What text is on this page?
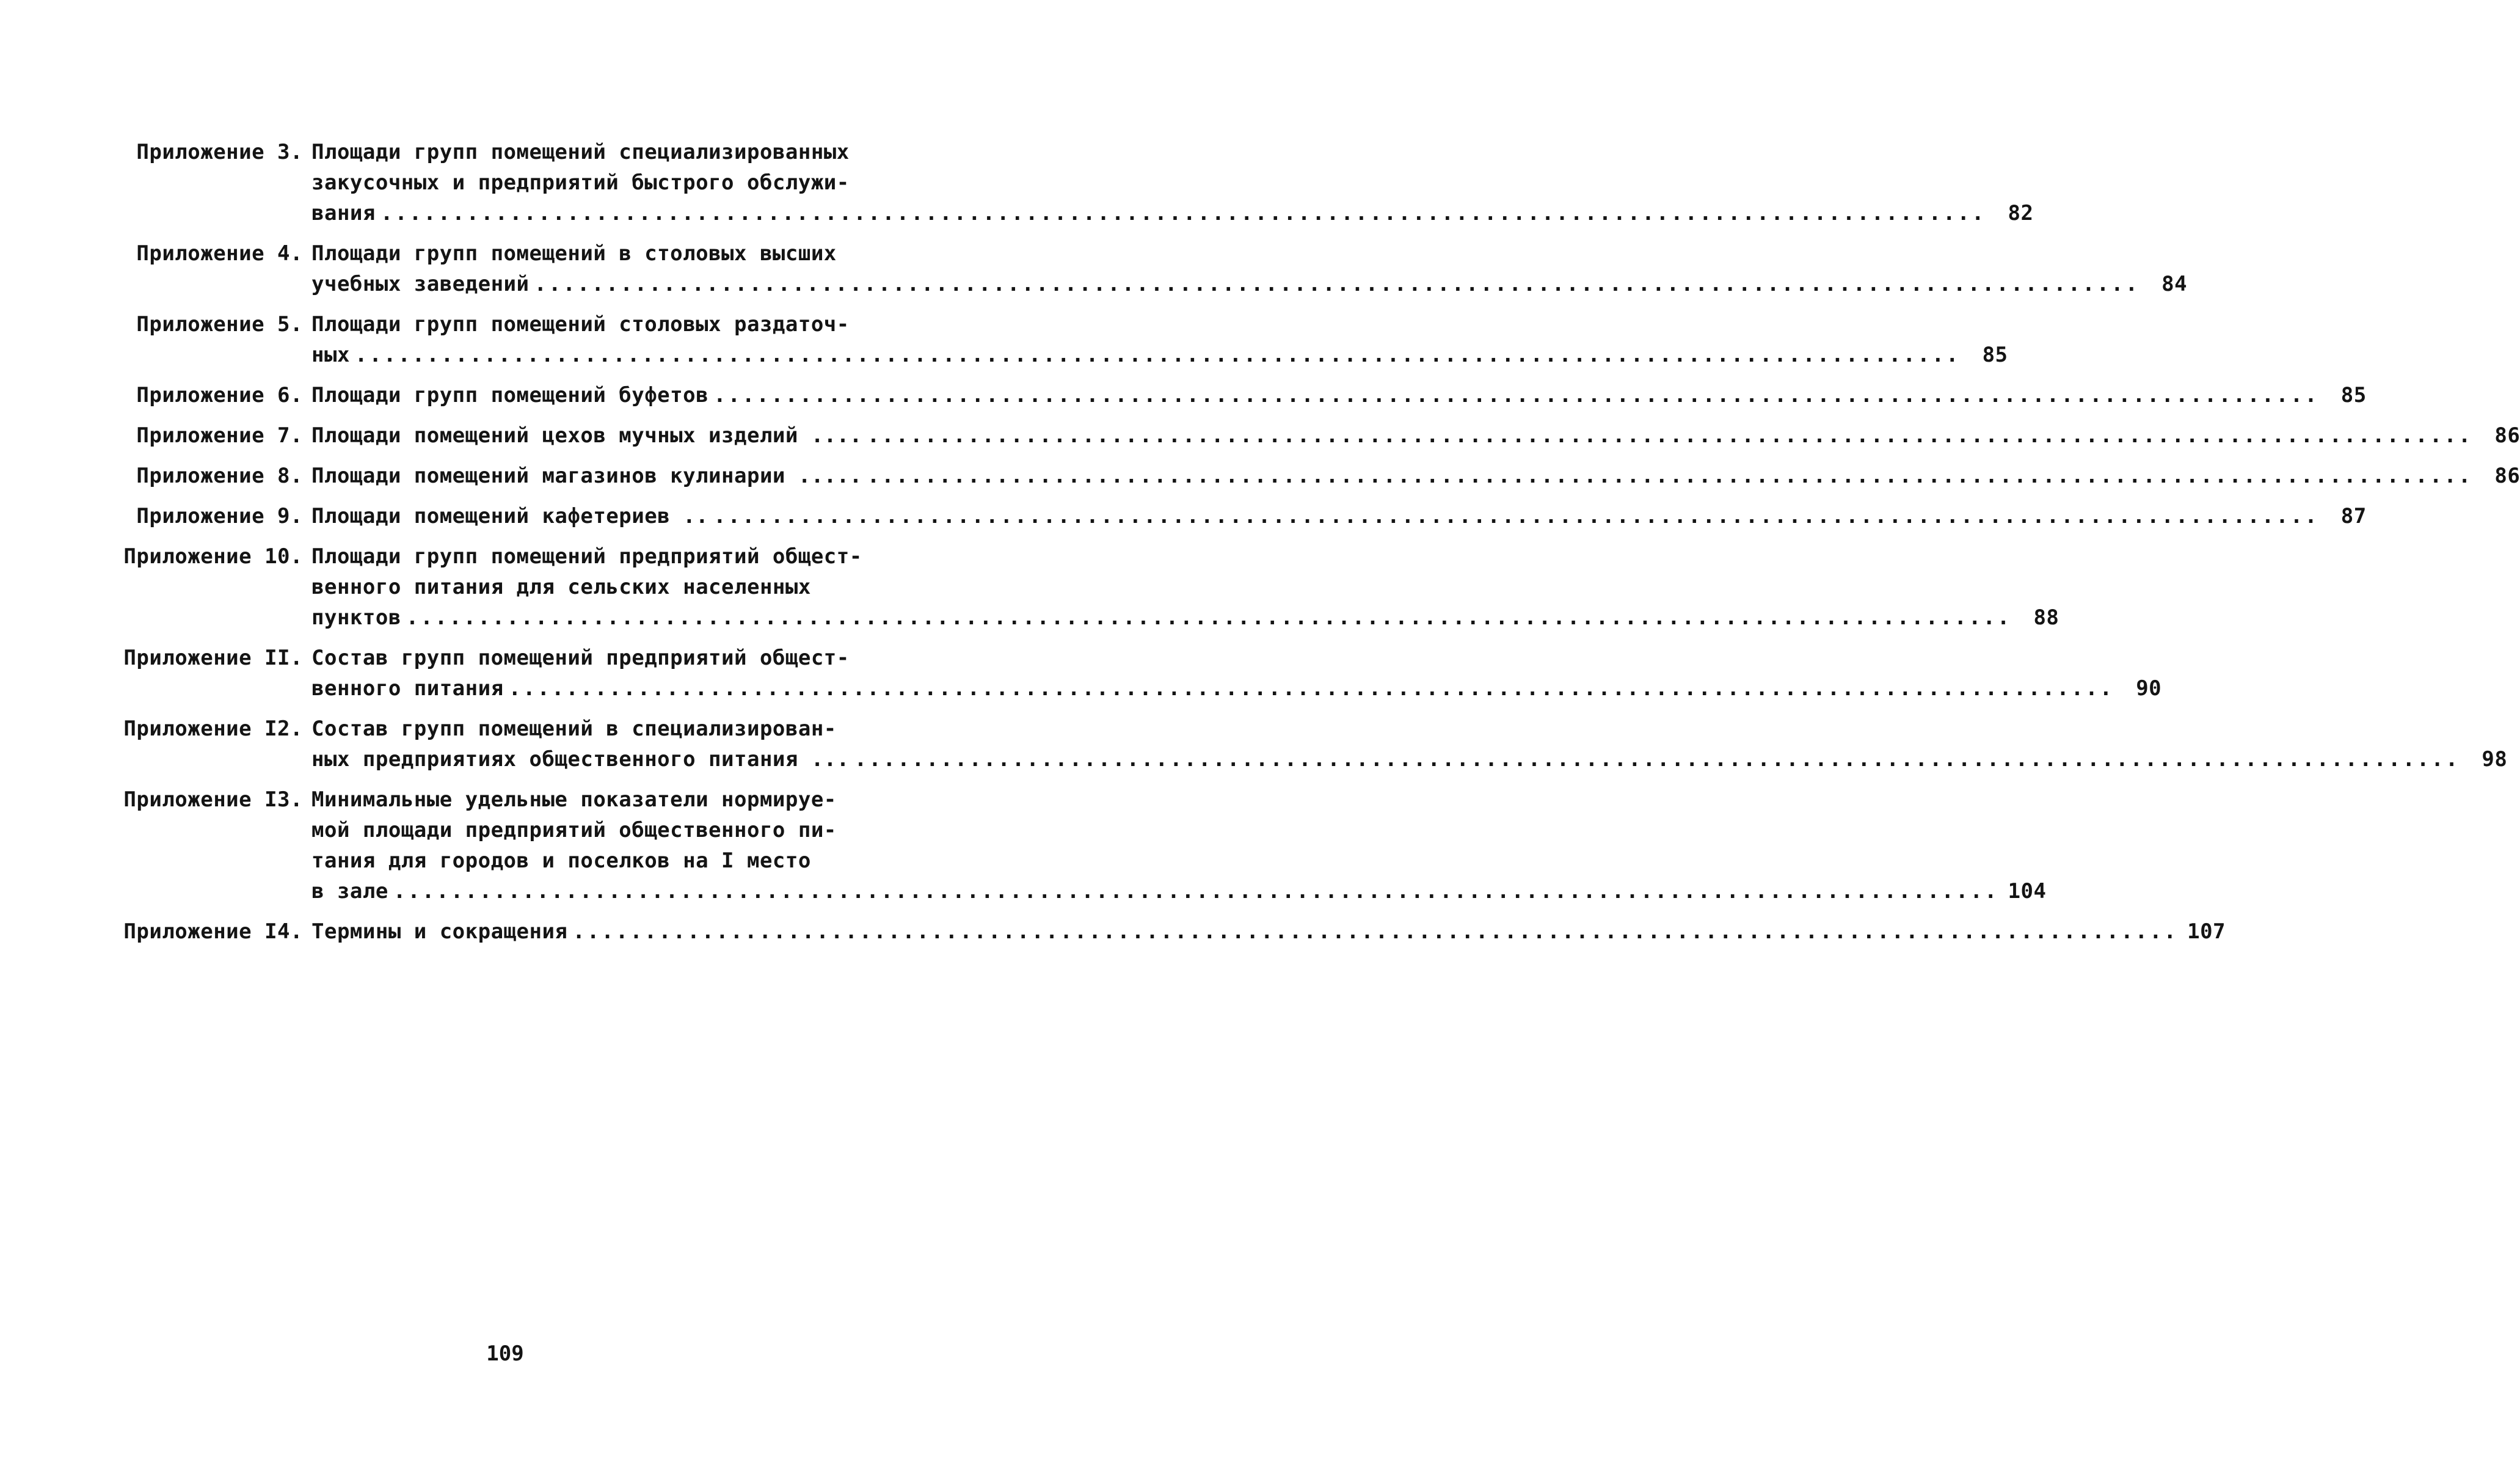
Приложение 3. Площади групп помещений специализированных
закусочных и предприятий быстрого обслужи-
вания .....	82
Приложение 4. Площади групп помещений в столовых высших
учебных заведений .....	84
Приложение 5. Площади групп помещений столовых раздаточ-
ных .....	85
Приложение 6. Площади групп помещений буфетов .....	85
Приложение 7. Площади помещений цехов мучных изделий .... .....	86
Приложение 8. Площади помещений магазинов кулинарии ..... .....	86
Приложение 9. Площади помещений кафетериев .. .....	87
Приложение 10. Площади групп помещений предприятий общест-
венного питания для сельских населенных
пунктов .....	88
Приложение II. Состав групп помещений предприятий общест-
венного питания .....	90
Приложение I2. Состав групп помещений в специализирован-
ных предприятиях общественного питания ... .....	98
Приложение I3. Минимальные удельные показатели нормируе-
мой площади предприятий общественного пи-
тания для городов и поселков на I место
в зале .....	104
Приложение I4. Термины и сокращения .....	107
109
